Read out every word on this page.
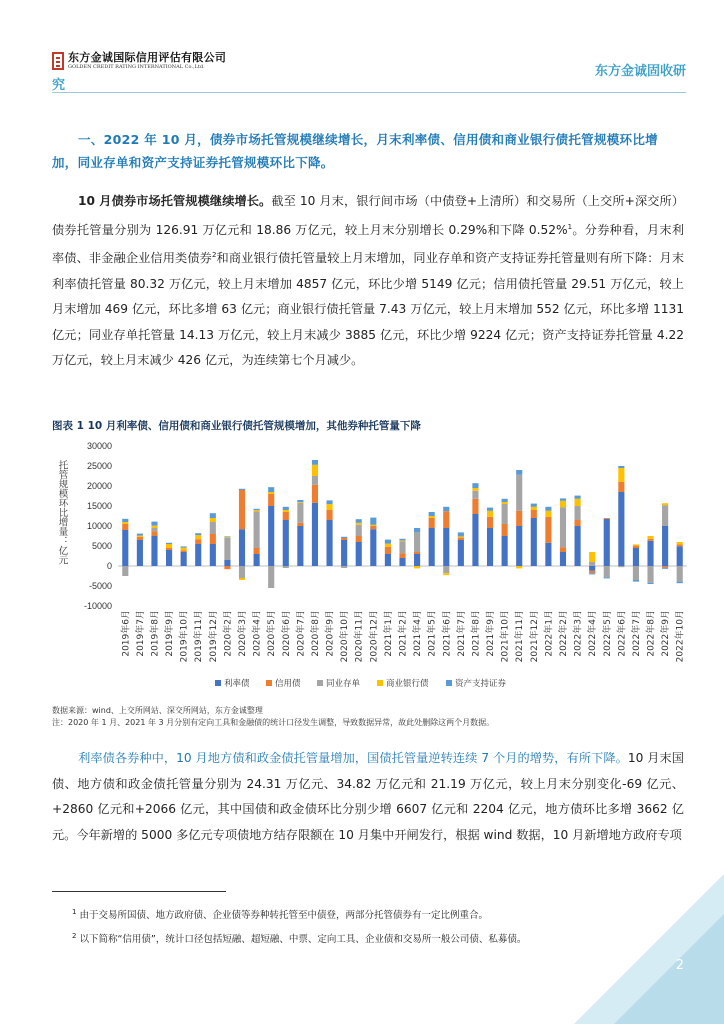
东方金诚国际信用评估有限公司
GOLDEN CREDIT RATING INTERNATIONAL Co.,Ltd.	东方金诚固收研
究
一、2022 年 10 月，债券市场托管规模继续增长，月末利率债、信用债和商业银行债托管规模环比增加，同业存单和资产支持证券托管规模环比下降。
10 月债券市场托管规模继续增长。截至 10 月末，银行间市场（中债登+上清所）和交易所（上交所+深交所）债券托管量分别为 126.91 万亿元和 18.86 万亿元，较上月末分别增长 0.29%和下降 0.52%$^1$。分券种看，月末利率债、非金融企业信用类债券$^2$和商业银行债托管量较上月末增加，同业存单和资产支持证券托管量则有所下降：月末利率债托管量 80.32 万亿元，较上月末增加 4857 亿元，环比少增 5149 亿元；信用债托管量 29.51 万亿元，较上月末增加 469 亿元，环比多增 63 亿元；商业银行债托管量 7.43 万亿元，较上月末增加 552 亿元，环比多增 1131 亿元；同业存单托管量 14.13 万亿元，较上月末减少 3885 亿元，环比少增 9224 亿元；资产支持证券托管量 4.22 万亿元，较上月末减少 426 亿元，为连续第七个月减少。
图表 1 10 月利率债、信用债和商业银行债托管规模增加，其他券种托管量下降
-10000
-5000
0
5000
10000
15000
20000
25000
30000
托管规模环比增量：亿元
2019年6月 2019年7月 2019年8月 2019年9月 2019年10月 2019年11月 2019年12月 2020年2月 2020年3月 2020年4月 2020年5月 2020年6月 2020年7月 2020年8月 2020年9月 2020年10月 2020年11月 2020年12月 2021年1月 2021年2月 2021年4月 2021年5月 2021年6月 2021年7月 2021年8月 2021年9月 2021年10月 2021年11月 2021年12月 2022年1月 2022年2月 2022年3月 2022年4月 2022年5月 2022年6月 2022年7月 2022年8月 2022年9月 2022年10月
利率债	信用债	同业存单	商业银行债	资产支持证券
数据来源：wind、上交所网站、深交所网站，东方金诚整理
注：2020 年 1 月、2021 年 3 月分别有定向工具和金融债的统计口径发生调整，导致数据异常，故此处删除这两个月数据。
利率债各券种中，10 月地方债和政金债托管量增加，国债托管量逆转连续 7 个月的增势，有所下降。10 月末国债、地方债和政金债托管量分别为 24.31 万亿元、34.82 万亿元和 21.19 万亿元，较上月末分别变化-69 亿元、+2860 亿元和+2066 亿元，其中国债和政金债环比分别少增 6607 亿元和 2204 亿元，地方债环比多增 3662 亿元。今年新增的 5000 多亿元专项债地方结存限额在 10 月集中开闸发行，根据 wind 数据，10 月新增地方政府专项
$^1$ 由于交易所国债、地方政府债、企业债等券种转托管至中债登，两部分托管债券有一定比例重合。
$^2$ 以下简称“信用债”，统计口径包括短融、超短融、中票、定向工具、企业债和交易所一般公司债、私募债。
2
